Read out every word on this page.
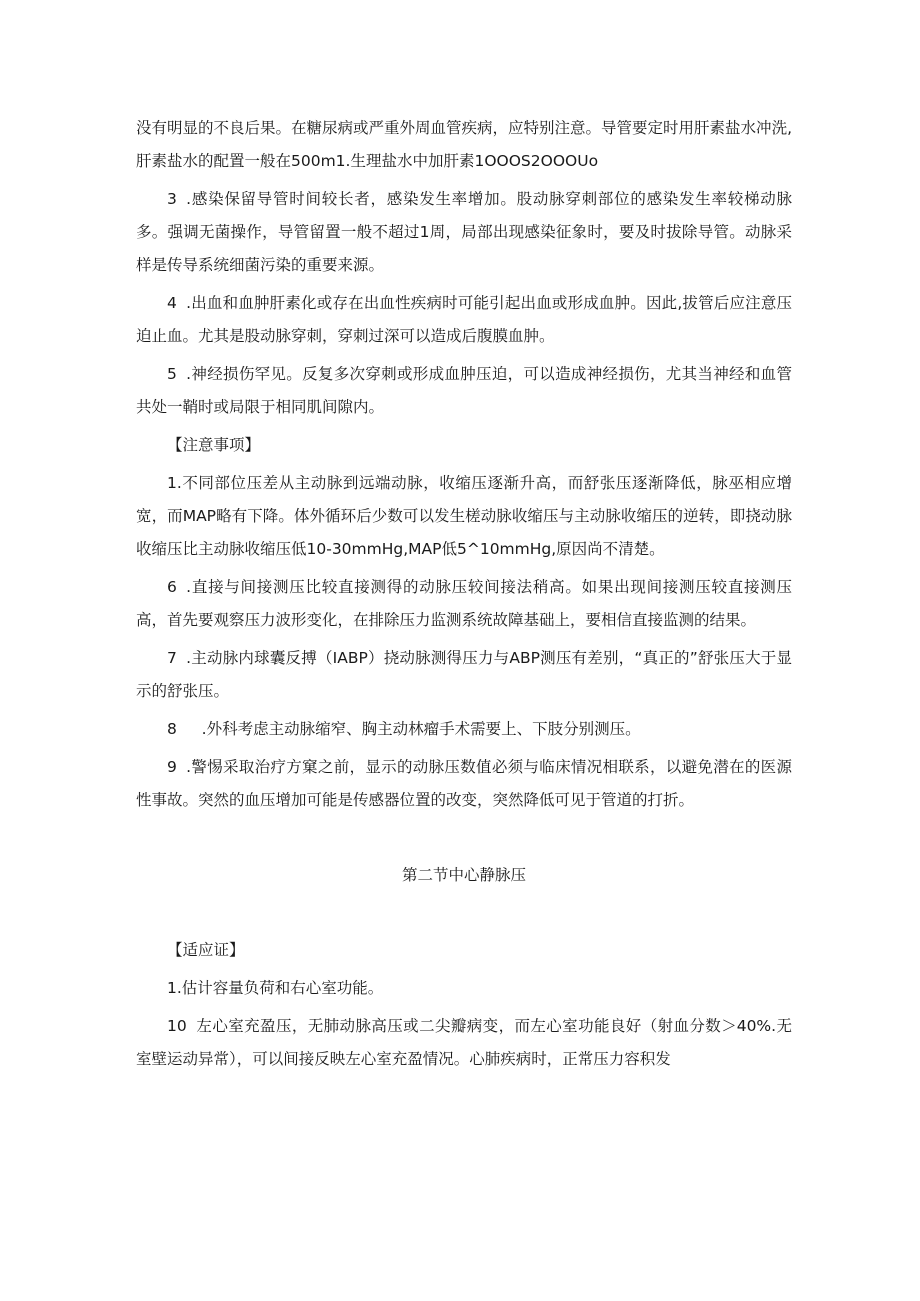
没有明显的不良后果。在糖尿病或严重外周血管疾病，应特别注意。导管要定时用肝素盐水冲洗,肝素盐水的配置一般在500m1.生理盐水中加肝素1OOOS2OOOUo

3 .感染保留导管时间较长者，感染发生率增加。股动脉穿刺部位的感染发生率较梯动脉多。强调无菌操作，导管留置一般不超过1周，局部出现感染征象时，要及时拔除导管。动脉采样是传导系统细菌污染的重要来源。

4 .出血和血肿肝素化或存在出血性疾病时可能引起出血或形成血肿。因此,拔管后应注意压迫止血。尤其是股动脉穿刺，穿刺过深可以造成后腹膜血肿。

5 .神经损伤罕见。反复多次穿刺或形成血肿压迫，可以造成神经损伤，尤其当神经和血管共处一鞘时或局限于相同肌间隙内。

【注意事项】

1.不同部位压差从主动脉到远端动脉，收缩压逐渐升高，而舒张压逐渐降低，脉巫相应增宽，而MAP略有下降。体外循环后少数可以发生槎动脉收缩压与主动脉收缩压的逆转，即挠动脉收缩压比主动脉收缩压低10-30mmHg,MAP低5^10mmHg,原因尚不清楚。

6 .直接与间接测压比较直接测得的动脉压较间接法稍高。如果出现间接测压较直接测压高，首先要观察压力波形变化，在排除压力监测系统故障基础上，要相信直接监测的结果。

7 .主动脉内球囊反搏（IABP）挠动脉测得压力与ABP测压有差别，“真正的”舒张压大于显示的舒张压。

8 .外科考虑主动脉缩窄、胸主动林瘤手术需要上、下肢分别测压。

9 .警惕采取治疗方窠之前，显示的动脉压数值必须与临床情况相联系，以避免潜在的医源性事故。突然的血压增加可能是传感器位置的改变，突然降低可见于管道的打折。

第二节中心静脉压

【适应证】

1.估计容量负荷和右心室功能。

10 左心室充盈压，无肺动脉高压或二尖瓣病变，而左心室功能良好（射血分数＞40%.无室壁运动异常），可以间接反映左心室充盈情况。心肺疾病时，正常压力容积发
